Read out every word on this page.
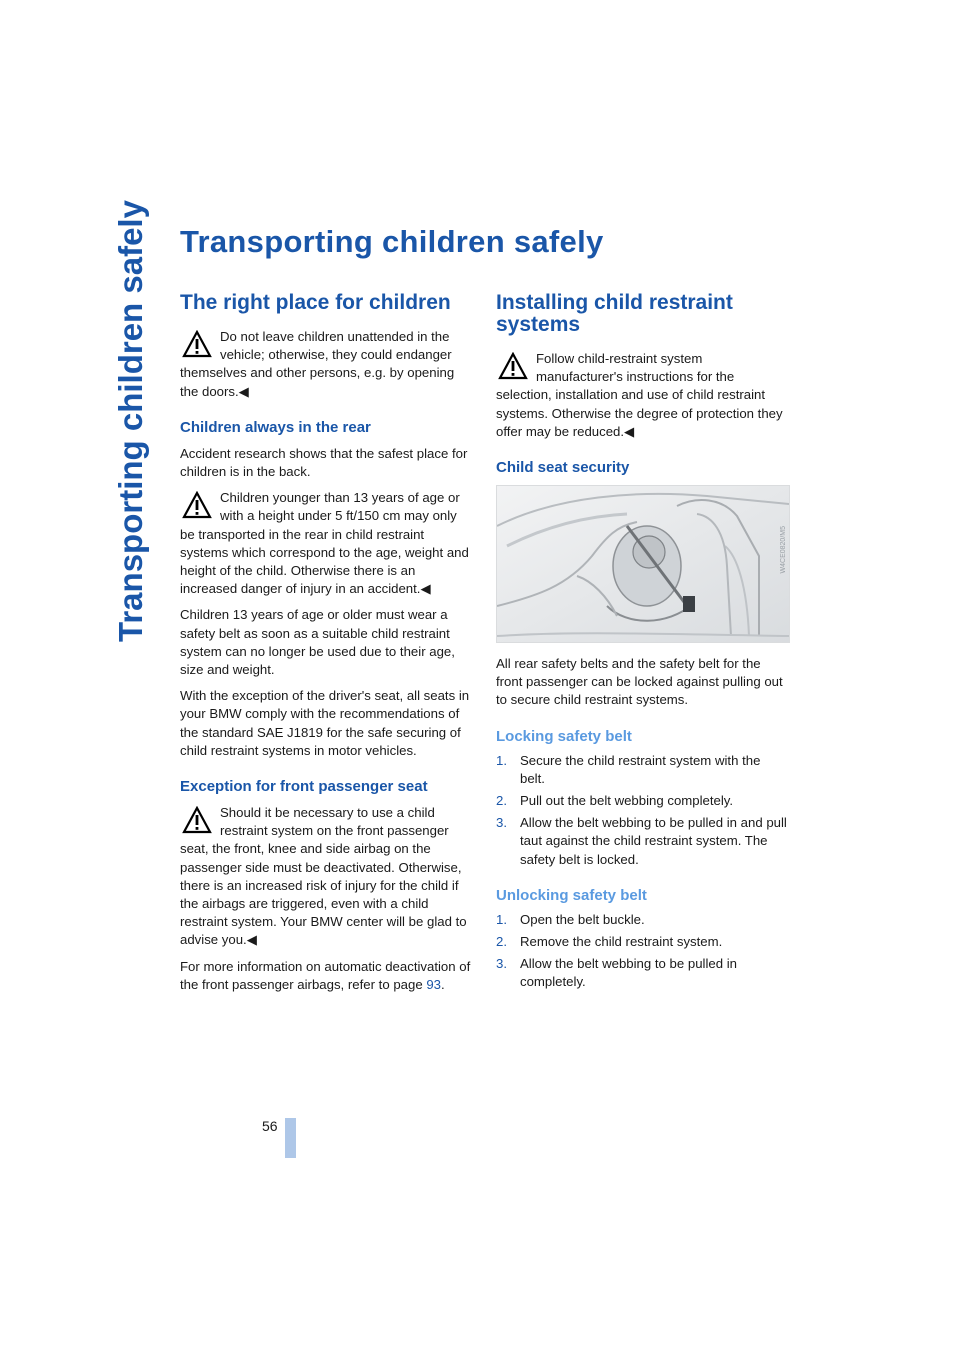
Transporting children safely Transporting children safely
The right place for children

Do not leave children unattended in the vehicle; otherwise, they could endanger themselves and other persons, e.g. by opening the doors.◀

Children always in the rear

Accident research shows that the safest place for children is in the back.

Children younger than 13 years of age or with a height under 5 ft/150 cm may only be transported in the rear in child restraint systems which correspond to the age, weight and height of the child. Otherwise there is an increased danger of injury in an accident.◀

Children 13 years of age or older must wear a safety belt as soon as a suitable child restraint system can no longer be used due to their age, size and weight.

With the exception of the driver's seat, all seats in your BMW comply with the recommendations of the standard SAE J1819 for the safe securing of child restraint systems in motor vehicles.

Exception for front passenger seat

Should it be necessary to use a child restraint system on the front passenger seat, the front, knee and side airbag on the passenger side must be deactivated. Otherwise, there is an increased risk of injury for the child if the airbags are triggered, even with a child restraint system. Your BMW center will be glad to advise you.◀

For more information on automatic deactivation of the front passenger airbags, refer to page 93.

Installing child restraint systems

Follow child-restraint system manufacturer's instructions for the selection, installation and use of child restraint systems. Otherwise the degree of protection they offer may be reduced.◀

Child seat security
W4CE0820/M5

All rear safety belts and the safety belt for the front passenger can be locked against pulling out to secure child restraint systems.

Locking safety belt
1. Secure the child restraint system with the belt.
2. Pull out the belt webbing completely.
3. Allow the belt webbing to be pulled in and pull taut against the child restraint system. The safety belt is locked.
Unlocking safety belt
1. Open the belt buckle.
2. Remove the child restraint system.
3. Allow the belt webbing to be pulled in completely.
56
